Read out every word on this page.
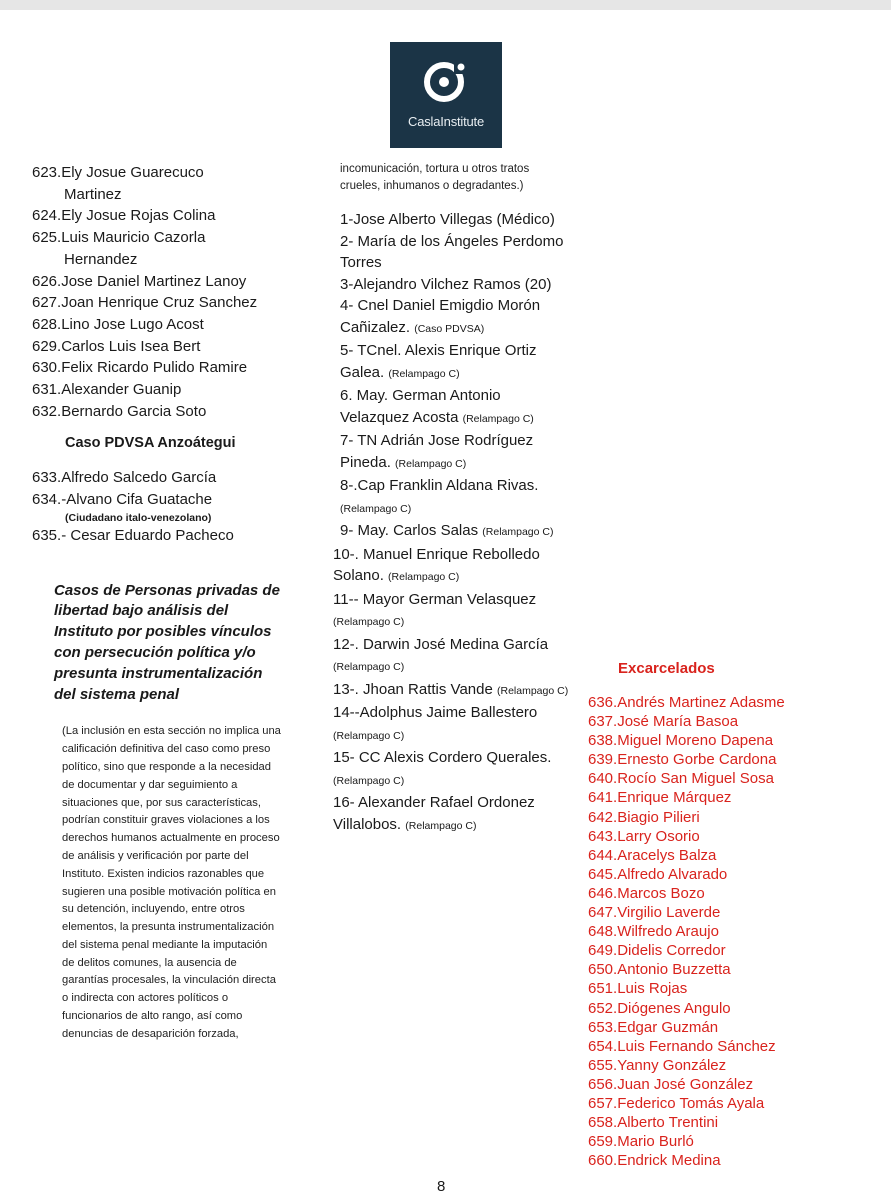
CaslaInstitute
623.Ely Josue Guarecuco
Martinez
624.Ely Josue Rojas Colina
625.Luis Mauricio Cazorla
Hernandez
626.Jose Daniel Martinez Lanoy
627.Joan Henrique Cruz Sanchez
628.Lino Jose Lugo Acost
629.Carlos Luis Isea Bert
630.Felix Ricardo Pulido Ramire
631.Alexander Guanip
632.Bernardo Garcia Soto
Caso PDVSA Anzoátegui
633.Alfredo Salcedo García
634.-Alvano Cifa Guatache
(Ciudadano italo-venezolano)
635.- Cesar Eduardo Pacheco
Casos de Personas privadas de libertad bajo análisis del Instituto por posibles vínculos con persecución política y/o presunta instrumentalización del sistema penal
(La inclusión en esta sección no implica una calificación definitiva del caso como preso político, sino que responde a la necesidad de documentar y dar seguimiento a situaciones que, por sus características, podrían constituir graves violaciones a los derechos humanos actualmente en proceso de análisis y verificación por parte del Instituto. Existen indicios razonables que sugieren una posible motivación política en su detención, incluyendo, entre otros elementos, la presunta instrumentalización del sistema penal mediante la imputación de delitos comunes, la ausencia de garantías procesales, la vinculación directa o indirecta con actores políticos o funcionarios de alto rango, así como denuncias de desaparición forzada,
incomunicación, tortura u otros tratos crueles, inhumanos o degradantes.)
1-Jose Alberto Villegas (Médico)
2- María de los Ángeles Perdomo Torres
3-Alejandro Vilchez Ramos (20)
4- Cnel Daniel Emigdio Morón Cañizalez. (Caso PDVSA)
5- TCnel. Alexis Enrique Ortiz Galea. (Relampago C)
6. May. German Antonio Velazquez Acosta (Relampago C)
7- TN Adrián Jose Rodríguez Pineda. (Relampago C)
8-.Cap Franklin Aldana Rivas. (Relampago C)
9- May. Carlos Salas (Relampago C)
10-. Manuel Enrique Rebolledo Solano. (Relampago C)
11-- Mayor German Velasquez (Relampago C)
12-. Darwin José Medina García (Relampago C)
13-. Jhoan Rattis Vande (Relampago C)
14--Adolphus Jaime Ballestero (Relampago C)
15- CC Alexis Cordero Querales. (Relampago C)
16- Alexander Rafael Ordonez Villalobos. (Relampago C)
Excarcelados
636.Andrés Martinez Adasme
637.José María Basoa
638.Miguel Moreno Dapena
639.Ernesto Gorbe Cardona
640.Rocío San Miguel Sosa
641.Enrique Márquez
642.Biagio Pilieri
643.Larry Osorio
644.Aracelys Balza
645.Alfredo Alvarado
646.Marcos Bozo
647.Virgilio Laverde
648.Wilfredo Araujo
649.Didelis Corredor
650.Antonio Buzzetta
651.Luis Rojas
652.Diógenes Angulo
653.Edgar Guzmán
654.Luis Fernando Sánchez
655.Yanny González
656.Juan José González
657.Federico Tomás Ayala
658.Alberto Trentini
659.Mario Burló
660.Endrick Medina
8
